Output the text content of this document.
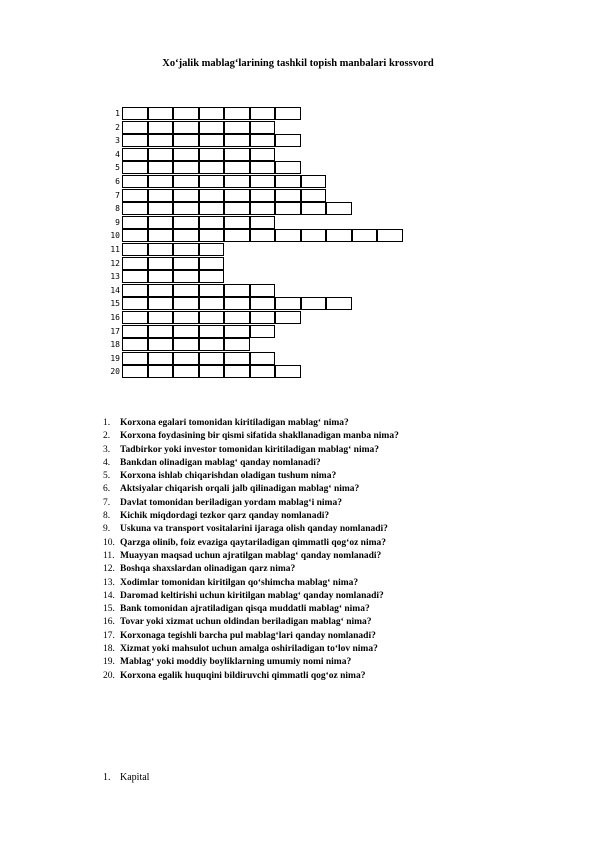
Xo‘jalik mablag‘larining tashkil topish manbalari krossvord
1
2
3
4
5
6
7
8
9
10
11
12
13
14
15
16
17
18
19
20
1. Korxona egalari tomonidan kiritiladigan mablag‘ nima?
2. Korxona foydasining bir qismi sifatida shakllanadigan manba nima?
3. Tadbirkor yoki investor tomonidan kiritiladigan mablag‘ nima?
4. Bankdan olinadigan mablag‘ qanday nomlanadi?
5. Korxona ishlab chiqarishdan oladigan tushum nima?
6. Aktsiyalar chiqarish orqali jalb qilinadigan mablag‘ nima?
7. Davlat tomonidan beriladigan yordam mablag‘i nima?
8. Kichik miqdordagi tezkor qarz qanday nomlanadi?
9. Uskuna va transport vositalarini ijaraga olish qanday nomlanadi?
10. Qarzga olinib, foiz evaziga qaytariladigan qimmatli qog‘oz nima?
11. Muayyan maqsad uchun ajratilgan mablag‘ qanday nomlanadi?
12. Boshqa shaxslardan olinadigan qarz nima?
13. Xodimlar tomonidan kiritilgan qo‘shimcha mablag‘ nima?
14. Daromad keltirishi uchun kiritilgan mablag‘ qanday nomlanadi?
15. Bank tomonidan ajratiladigan qisqa muddatli mablag‘ nima?
16. Tovar yoki xizmat uchun oldindan beriladigan mablag‘ nima?
17. Korxonaga tegishli barcha pul mablag‘lari qanday nomlanadi?
18. Xizmat yoki mahsulot uchun amalga oshiriladigan to‘lov nima?
19. Mablag‘ yoki moddiy boyliklarning umumiy nomi nima?
20. Korxona egalik huquqini bildiruvchi qimmatli qog‘oz nima?
1. Kapital
